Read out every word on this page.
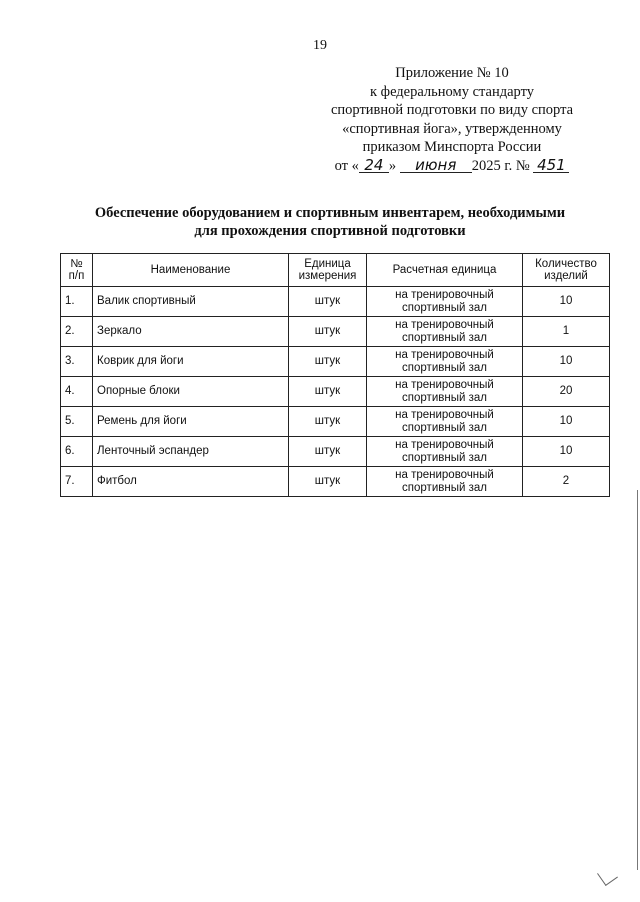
19
Приложение № 10
к федеральному стандарту
спортивной подготовки по виду спорта
«спортивная йога», утвержденному
приказом Минспорта России
от « 24 » июня 2025 г. № 451
Обеспечение оборудованием и спортивным инвентарем, необходимыми
для прохождения спортивной подготовки
№ п/п	Наименование	Единица измерения	Расчетная единица	Количество изделий
1.	Валик спортивный	штук	на тренировочный спортивный зал	10
2.	Зеркало	штук	на тренировочный спортивный зал	1
3.	Коврик для йоги	штук	на тренировочный спортивный зал	10
4.	Опорные блоки	штук	на тренировочный спортивный зал	20
5.	Ремень для йоги	штук	на тренировочный спортивный зал	10
6.	Ленточный эспандер	штук	на тренировочный спортивный зал	10
7.	Фитбол	штук	на тренировочный спортивный зал	2
